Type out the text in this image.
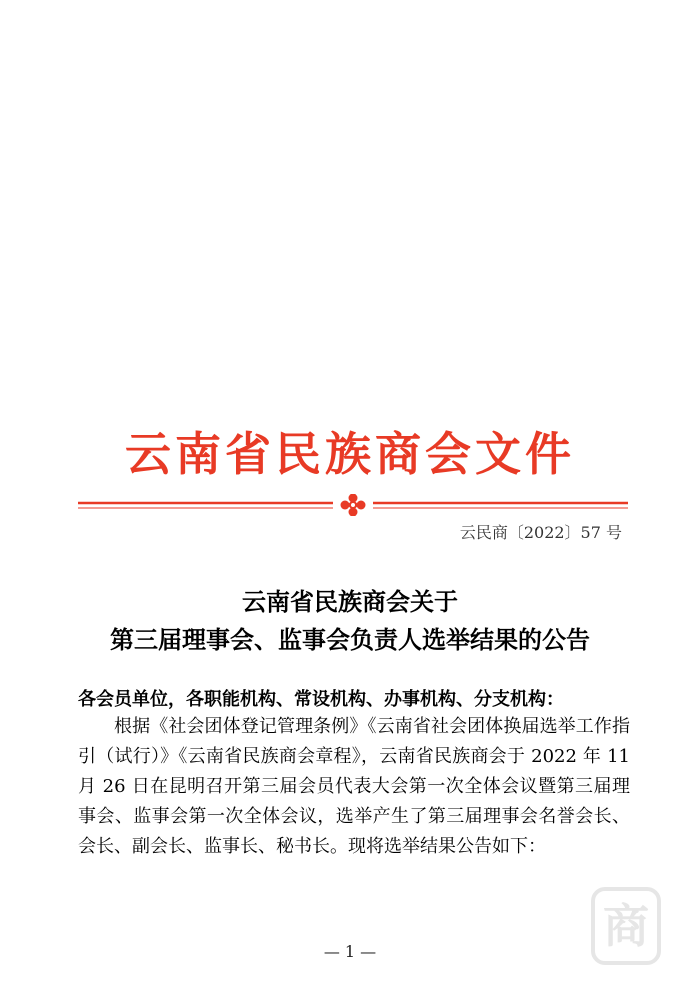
云南省民族商会文件
云民商〔2022〕57 号
云南省民族商会关于
第三届理事会、监事会负责人选举结果的公告
各会员单位，各职能机构、常设机构、办事机构、分支机构：
根据《社会团体登记管理条例》《云南省社会团体换届选举工作指引（试行）》《云南省民族商会章程》，云南省民族商会于 2022 年 11 月 26 日在昆明召开第三届会员代表大会第一次全体会议暨第三届理事会、监事会第一次全体会议，选举产生了第三届理事会名誉会长、会长、副会长、监事长、秘书长。现将选举结果公告如下：
— 1 —	商
